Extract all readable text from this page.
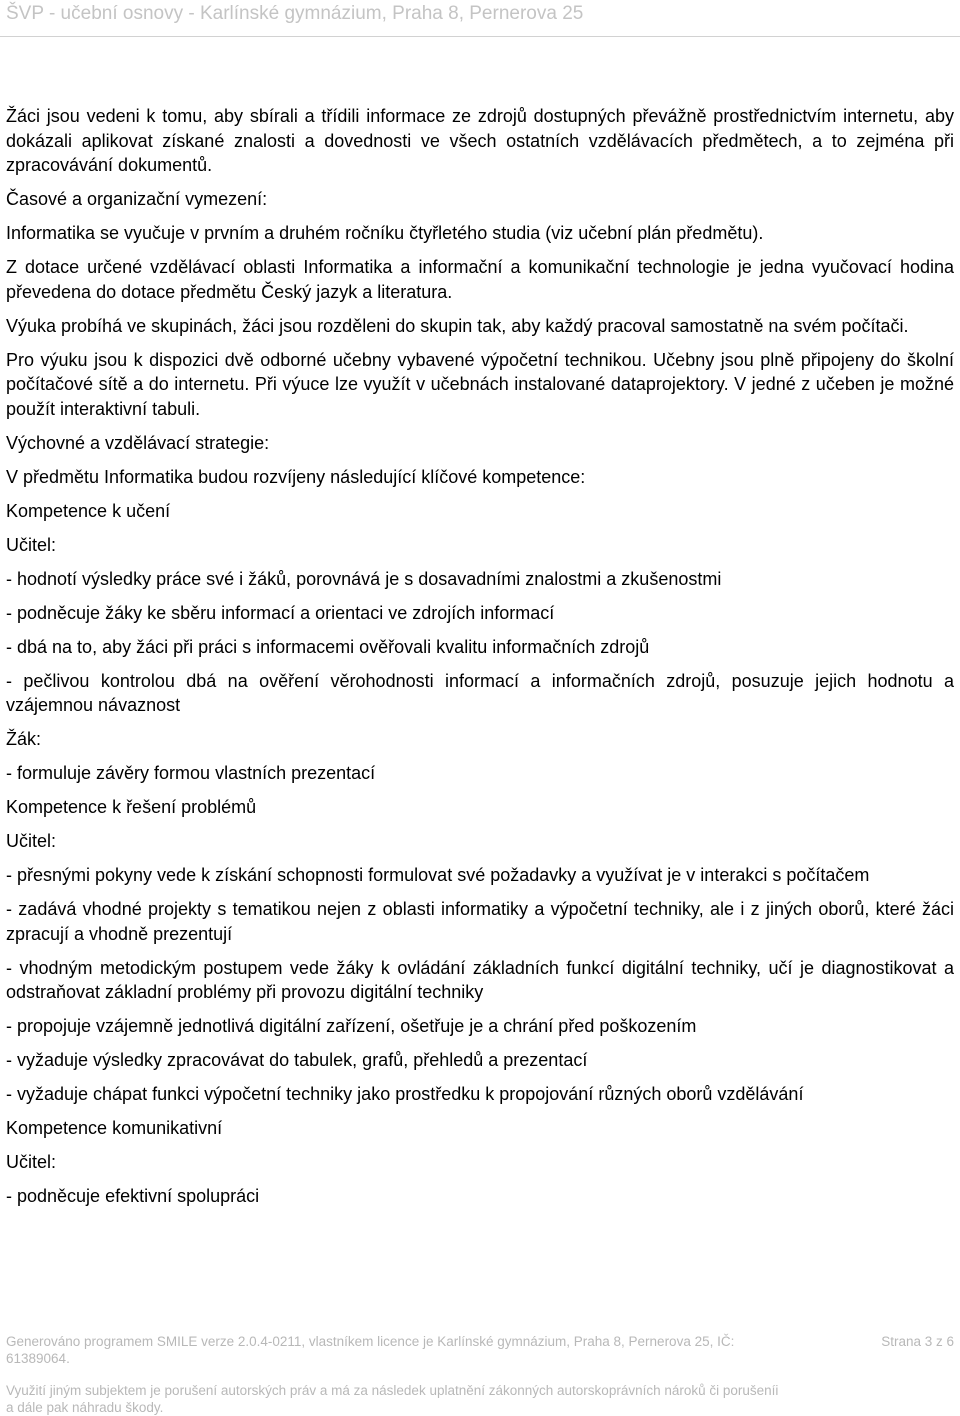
ŠVP - učební osnovy - Karlínské gymnázium, Praha 8, Pernerova 25

Žáci jsou vedeni k tomu, aby sbírali a třídili informace ze zdrojů dostupných převážně prostřednictvím internetu, aby dokázali aplikovat získané znalosti a dovednosti ve všech ostatních vzdělávacích předmětech, a to zejména při zpracovávání dokumentů.

Časové a organizační vymezení:

Informatika se vyučuje v prvním a druhém ročníku čtyřletého studia (viz učební plán předmětu).

Z dotace určené vzdělávací oblasti Informatika a informační a komunikační technologie je jedna vyučovací hodina převedena do dotace předmětu Český jazyk a literatura.

Výuka probíhá ve skupinách, žáci jsou rozděleni do skupin tak, aby každý pracoval samostatně na svém počítači.

Pro výuku jsou k dispozici dvě odborné učebny vybavené výpočetní technikou. Učebny jsou plně připojeny do školní počítačové sítě a do internetu. Při výuce lze využít v učebnách instalované dataprojektory. V jedné z učeben je možné použít interaktivní tabuli.

Výchovné a vzdělávací strategie:

V předmětu Informatika budou rozvíjeny následující klíčové kompetence:

Kompetence k učení

Učitel:

- hodnotí výsledky práce své i žáků, porovnává je s dosavadními znalostmi a zkušenostmi

- podněcuje žáky ke sběru informací a orientaci ve zdrojích informací

- dbá na to, aby žáci při práci s informacemi ověřovali kvalitu informačních zdrojů

- pečlivou kontrolou dbá na ověření věrohodnosti informací a informačních zdrojů, posuzuje jejich hodnotu a vzájemnou návaznost

Žák:

- formuluje závěry formou vlastních prezentací

Kompetence k řešení problémů

Učitel:

- přesnými pokyny vede k získání schopnosti formulovat své požadavky a využívat je v interakci s počítačem

- zadává vhodné projekty s tematikou nejen z oblasti informatiky a výpočetní techniky, ale i z jiných oborů, které žáci zpracují a vhodně prezentují

- vhodným metodickým postupem vede žáky k ovládání základních funkcí digitální techniky, učí je diagnostikovat a odstraňovat základní problémy při provozu digitální techniky

- propojuje vzájemně jednotlivá digitální zařízení, ošetřuje je a chrání před poškozením

- vyžaduje výsledky zpracovávat do tabulek, grafů, přehledů a prezentací

- vyžaduje chápat funkci výpočetní techniky jako prostředku k propojování různých oborů vzdělávání

Kompetence komunikativní

Učitel:

- podněcuje efektivní spolupráci

Generováno programem SMILE verze 2.0.4-0211, vlastníkem licence je Karlínské gymnázium, Praha 8, Pernerova 25, IČ: 61389064.
Strana 3 z 6
Využití jiným subjektem je porušení autorských práv a má za následek uplatnění zákonných autorskoprávních nároků či porušeníi a dále pak náhradu škody.
